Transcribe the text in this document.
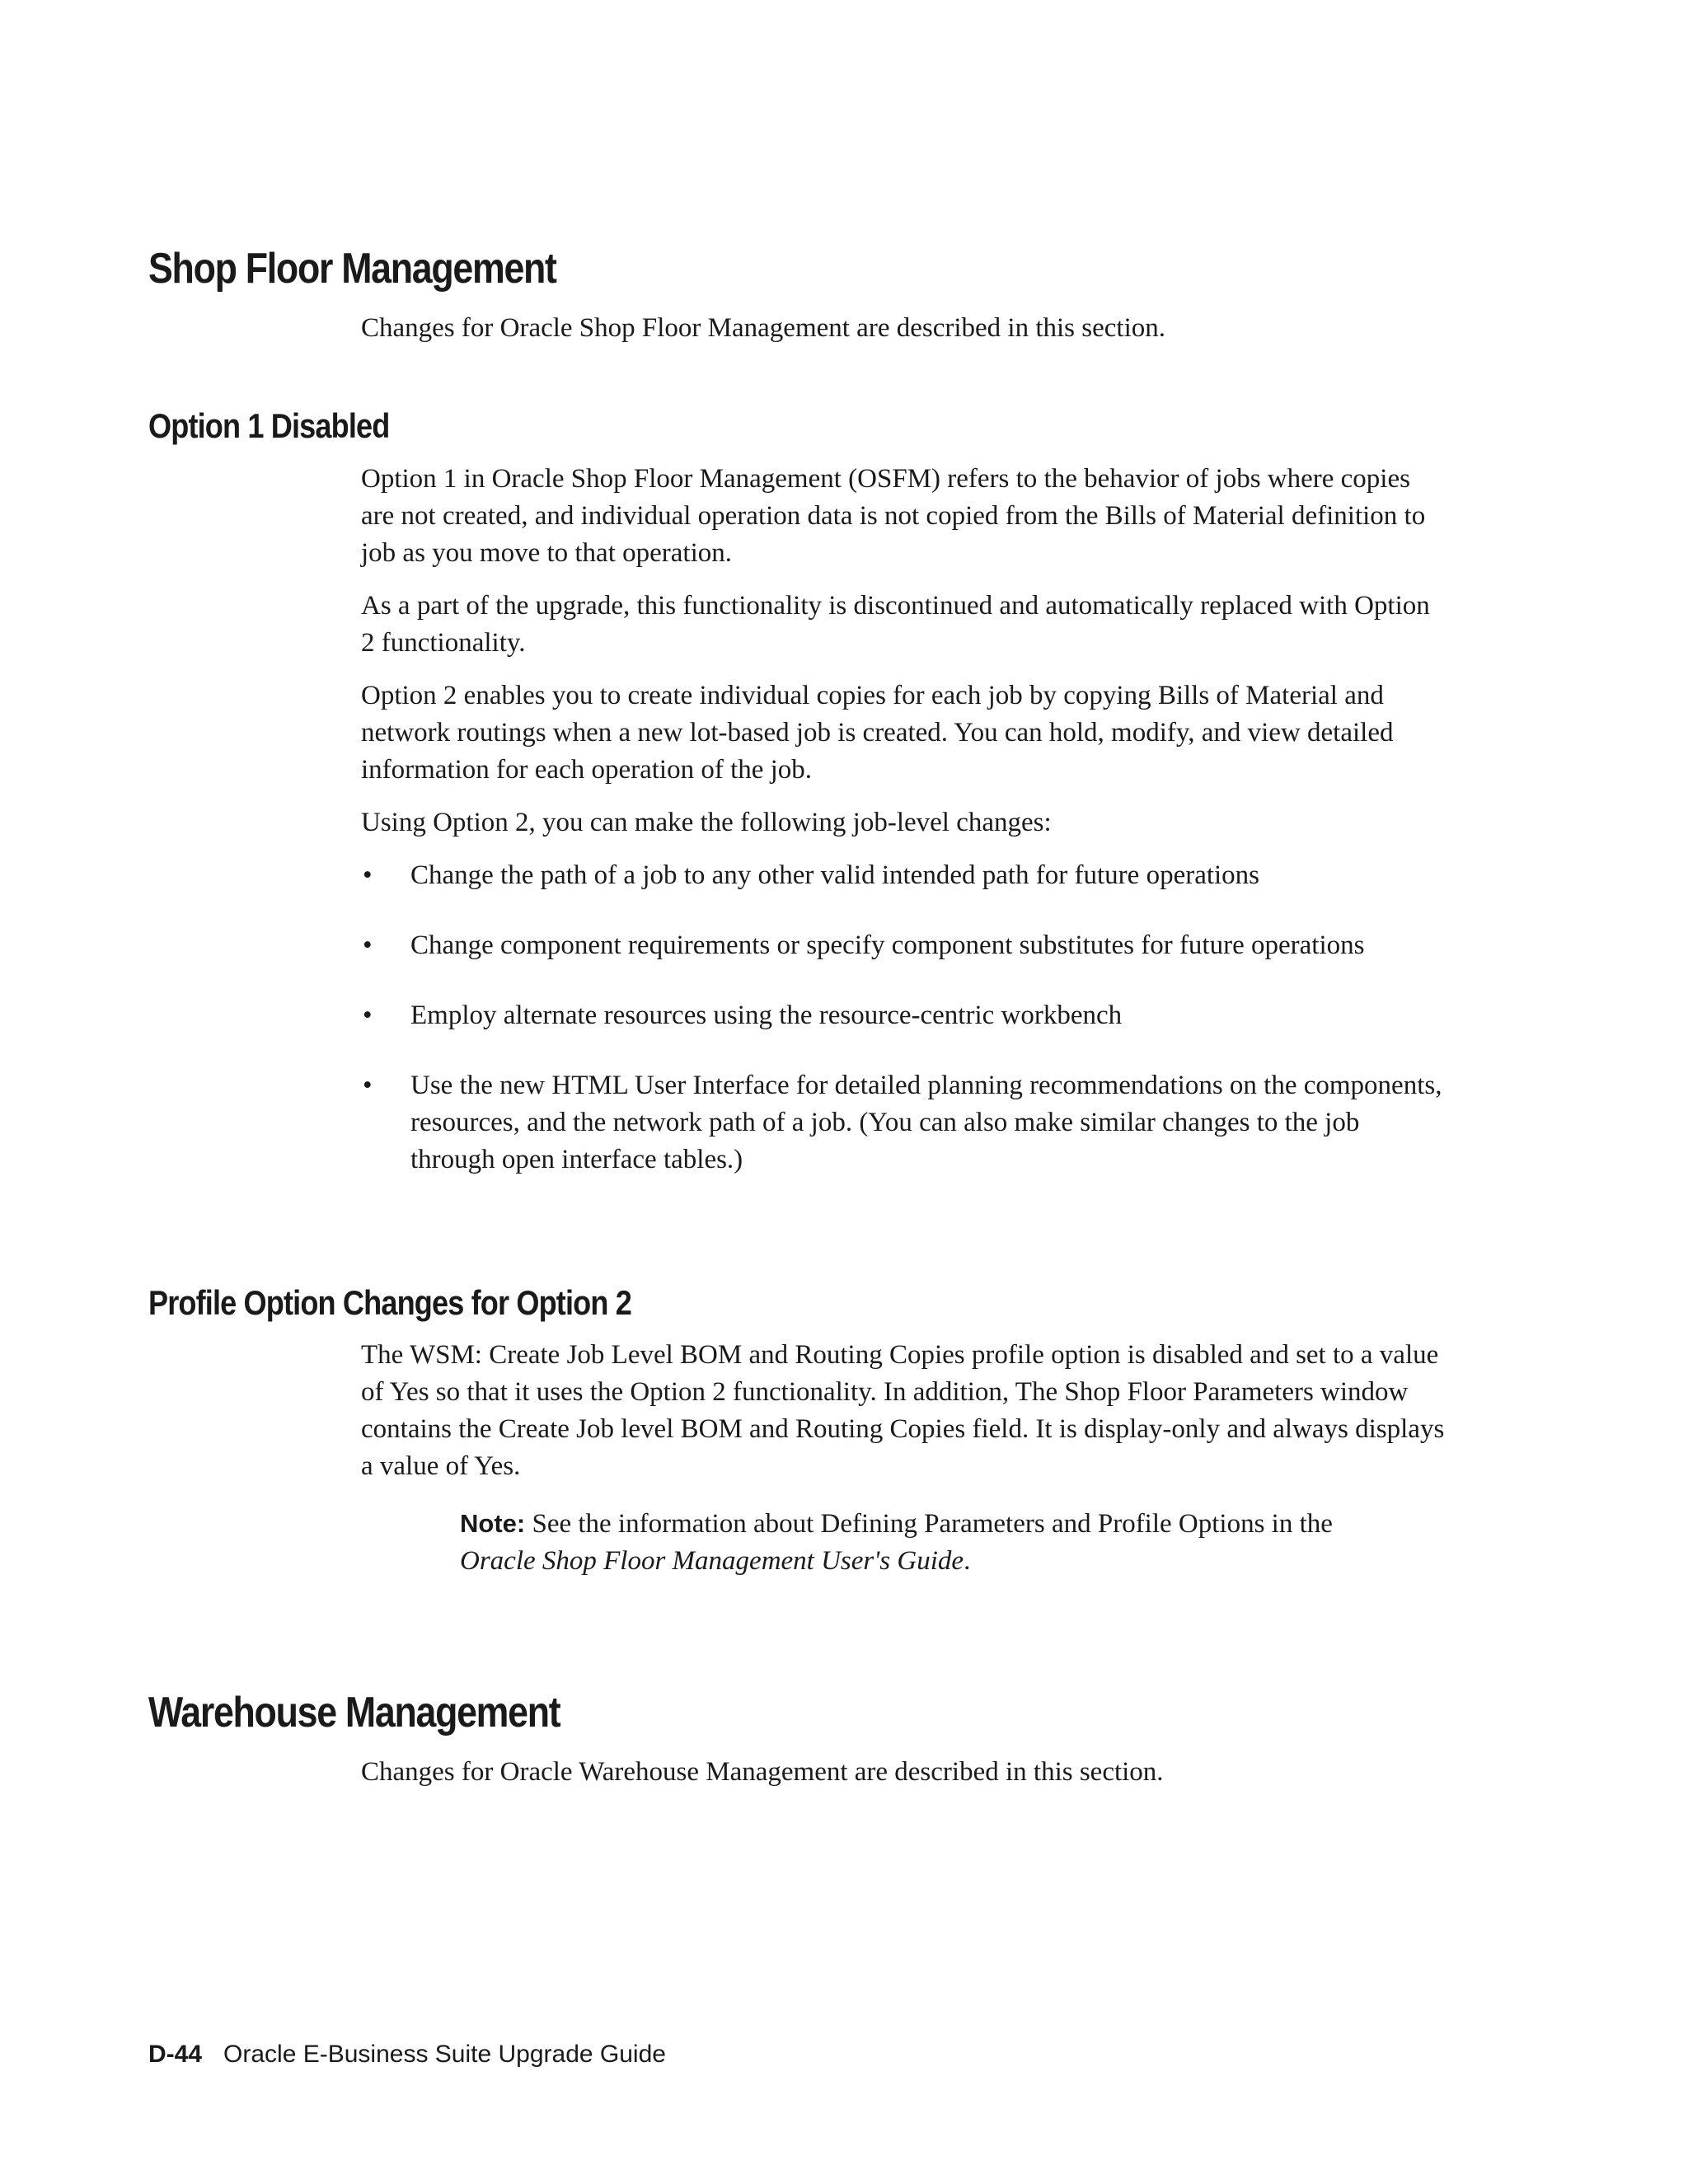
Shop Floor Management

Changes for Oracle Shop Floor Management are described in this section.

Option 1 Disabled

Option 1 in Oracle Shop Floor Management (OSFM) refers to the behavior of jobs where copies are not created, and individual operation data is not copied from the Bills of Material definition to job as you move to that operation.

As a part of the upgrade, this functionality is discontinued and automatically replaced with Option 2 functionality.

Option 2 enables you to create individual copies for each job by copying Bills of Material and network routings when a new lot-based job is created. You can hold, modify, and view detailed information for each operation of the job.

Using Option 2, you can make the following job-level changes:

• Change the path of a job to any other valid intended path for future operations
• Change component requirements or specify component substitutes for future operations
• Employ alternate resources using the resource-centric workbench
• Use the new HTML User Interface for detailed planning recommendations on the components, resources, and the network path of a job. (You can also make similar changes to the job through open interface tables.)
Profile Option Changes for Option 2

The WSM: Create Job Level BOM and Routing Copies profile option is disabled and set to a value of Yes so that it uses the Option 2 functionality. In addition, The Shop Floor Parameters window contains the Create Job level BOM and Routing Copies field. It is display-only and always displays a value of Yes.

Note: See the information about Defining Parameters and Profile Options in the Oracle Shop Floor Management User's Guide.
Warehouse Management

Changes for Oracle Warehouse Management are described in this section.

D-44 Oracle E-Business Suite Upgrade Guide
